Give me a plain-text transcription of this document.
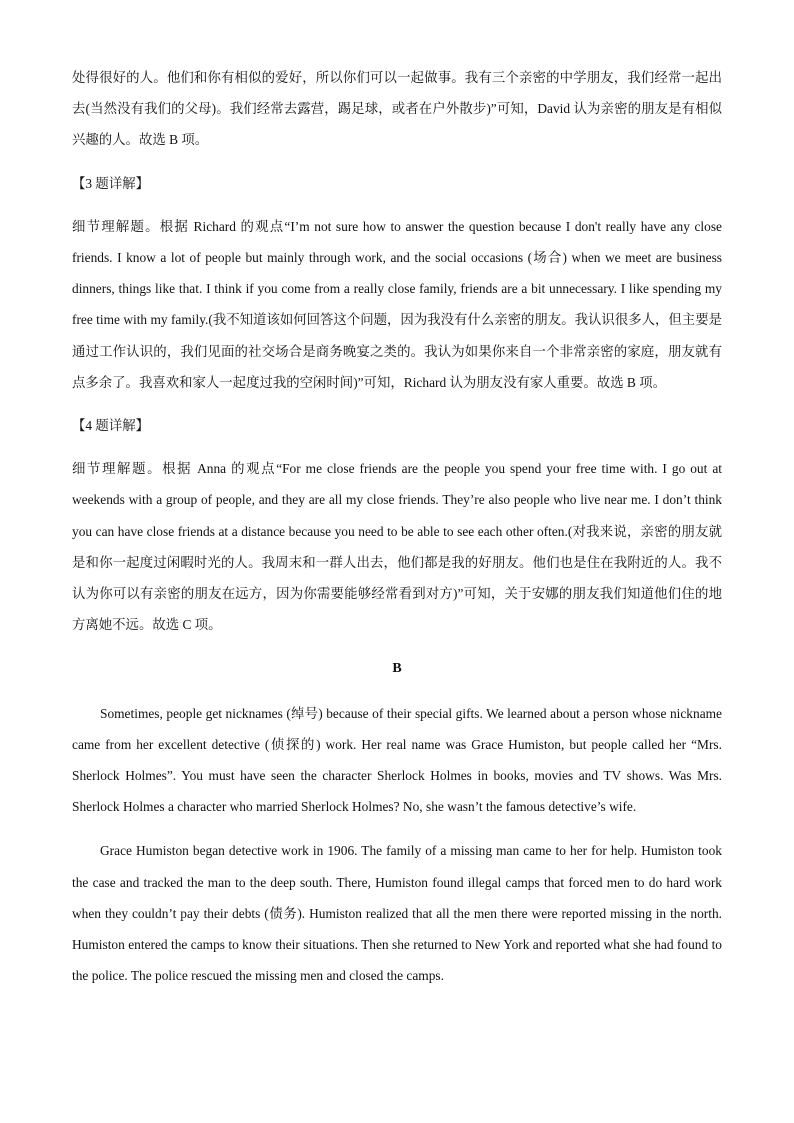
处得很好的人。他们和你有相似的爱好，所以你们可以一起做事。我有三个亲密的中学朋友，我们经常一起出去(当然没有我们的父母)。我们经常去露营，踢足球，或者在户外散步)”可知，David 认为亲密的朋友是有相似兴趣的人。故选 B 项。

【3 题详解】

细节理解题。根据 Richard 的观点“I’m not sure how to answer the question because I don't really have any close friends. I know a lot of people but mainly through work, and the social occasions (场合) when we meet are business dinners, things like that. I think if you come from a really close family, friends are a bit unnecessary. I like spending my free time with my family.(我不知道该如何回答这个问题，因为我没有什么亲密的朋友。我认识很多人，但主要是通过工作认识的，我们见面的社交场合是商务晚宴之类的。我认为如果你来自一个非常亲密的家庭，朋友就有点多余了。我喜欢和家人一起度过我的空闲时间)”可知，Richard 认为朋友没有家人重要。故选 B 项。

【4 题详解】

细节理解题。根据 Anna 的观点“For me close friends are the people you spend your free time with. I go out at weekends with a group of people, and they are all my close friends. They’re also people who live near me. I don’t think you can have close friends at a distance because you need to be able to see each other often.(对我来说，亲密的朋友就是和你一起度过闲暇时光的人。我周末和一群人出去，他们都是我的好朋友。他们也是住在我附近的人。我不认为你可以有亲密的朋友在远方，因为你需要能够经常看到对方)”可知，关于安娜的朋友我们知道他们住的地方离她不远。故选 C 项。

B

Sometimes, people get nicknames (绰号) because of their special gifts. We learned about a person whose nickname came from her excellent detective (侦探的) work. Her real name was Grace Humiston, but people called her “Mrs. Sherlock Holmes”. You must have seen the character Sherlock Holmes in books, movies and TV shows. Was Mrs. Sherlock Holmes a character who married Sherlock Holmes? No, she wasn’t the famous detective’s wife.

Grace Humiston began detective work in 1906. The family of a missing man came to her for help. Humiston took the case and tracked the man to the deep south. There, Humiston found illegal camps that forced men to do hard work when they couldn’t pay their debts (债务). Humiston realized that all the men there were reported missing in the north. Humiston entered the camps to know their situations. Then she returned to New York and reported what she had found to the police. The police rescued the missing men and closed the camps.
